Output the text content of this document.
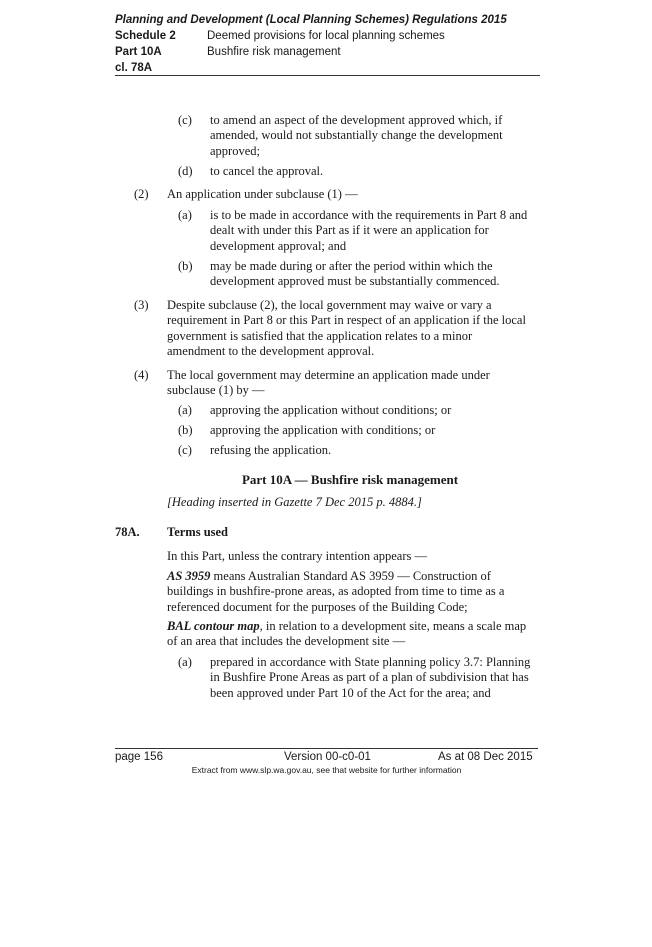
Planning and Development (Local Planning Schemes) Regulations 2015
Schedule 2	Deemed provisions for local planning schemes
Part 10A	Bushfire risk management
cl. 78A
(c) to amend an aspect of the development approved which, if amended, would not substantially change the development approved;
(d) to cancel the approval.
(2) An application under subclause (1) —
(a) is to be made in accordance with the requirements in Part 8 and dealt with under this Part as if it were an application for development approval; and
(b) may be made during or after the period within which the development approved must be substantially commenced.
(3) Despite subclause (2), the local government may waive or vary a requirement in Part 8 or this Part in respect of an application if the local government is satisfied that the application relates to a minor amendment to the development approval.
(4) The local government may determine an application made under subclause (1) by —
(a) approving the application without conditions; or
(b) approving the application with conditions; or
(c) refusing the application.
Part 10A — Bushfire risk management
[Heading inserted in Gazette 7 Dec 2015 p. 4884.]
78A. Terms used
In this Part, unless the contrary intention appears —
AS 3959 means Australian Standard AS 3959 — Construction of buildings in bushfire-prone areas, as adopted from time to time as a referenced document for the purposes of the Building Code;
BAL contour map, in relation to a development site, means a scale map of an area that includes the development site —
(a) prepared in accordance with State planning policy 3.7: Planning in Bushfire Prone Areas as part of a plan of subdivision that has been approved under Part 10 of the Act for the area; and
page 156	Version 00-c0-01	As at 08 Dec 2015
Extract from www.slp.wa.gov.au, see that website for further information
